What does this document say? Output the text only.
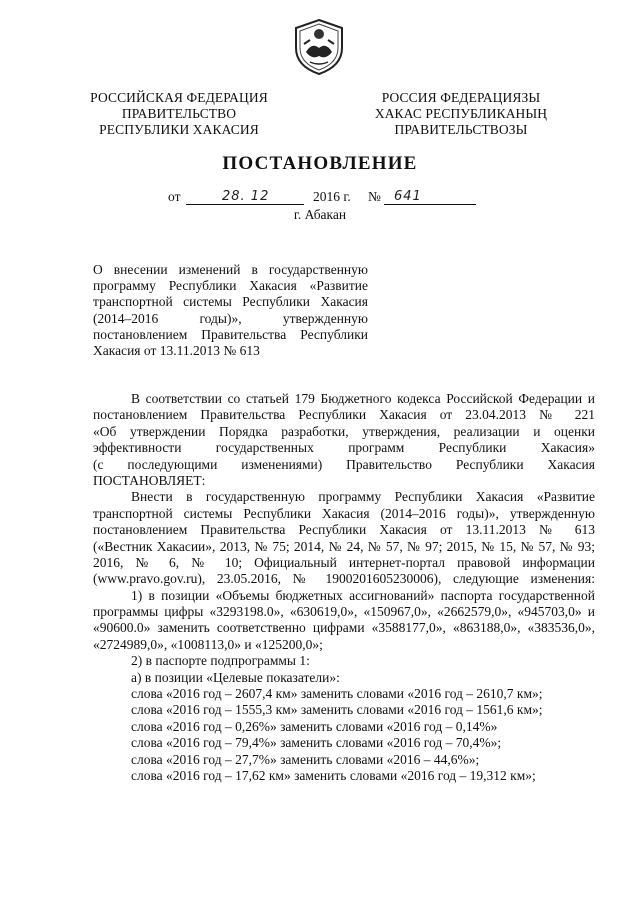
РОССИЙСКАЯ ФЕДЕРАЦИЯ
ПРАВИТЕЛЬСТВО
РЕСПУБЛИКИ ХАКАСИЯ
РОССИЯ ФЕДЕРАЦИЯЗЫ
ХАКАС РЕСПУБЛИКАНЫҢ
ПРАВИТЕЛЬСТВОЗЫ
ПОСТАНОВЛЕНИЕ
от	28. 12	2016 г. № 641
г. Абакан
О внесении изменений в государственную
программу Республики Хакасия «Развитие
транспортной системы Республики Хакасия
(2014–2016 годы)», утвержденную
постановлением Правительства Республики
Хакасия от 13.11.2013 № 613
В соответствии со статьей 179 Бюджетного кодекса Российской Федерации и
постановлением Правительства Республики Хакасия от 23.04.2013 № 221
«Об утверждении Порядка разработки, утверждения, реализации и оценки
эффективности государственных программ Республики Хакасия»
(с последующими изменениями) Правительство Республики Хакасия
ПОСТАНОВЛЯЕТ:
Внести в государственную программу Республики Хакасия «Развитие
транспортной системы Республики Хакасия (2014–2016 годы)», утвержденную
постановлением Правительства Республики Хакасия от 13.11.2013 № 613
(«Вестник Хакасии», 2013, № 75; 2014, № 24, № 57, № 97; 2015, № 15, № 57, № 93;
2016, № 6, № 10; Официальный интернет-портал правовой информации
(www.pravo.gov.ru), 23.05.2016, № 1900201605230006), следующие изменения:
1) в позиции «Объемы бюджетных ассигнований» паспорта государственной
программы цифры «3293198.0», «630619,0», «150967,0», «2662579,0», «945703,0» и
«90600.0» заменить соответственно цифрами «3588177,0», «863188,0», «383536,0»,
«2724989,0», «1008113,0» и «125200,0»;
2) в паспорте подпрограммы 1:
а) в позиции «Целевые показатели»:
слова «2016 год – 2607,4 км» заменить словами «2016 год – 2610,7 км»;
слова «2016 год – 1555,3 км» заменить словами «2016 год – 1561,6 км»;
слова «2016 год – 0,26%» заменить словами «2016 год – 0,14%»
слова «2016 год – 79,4%» заменить словами «2016 год – 70,4%»;
слова «2016 год – 27,7%» заменить словами «2016 – 44,6%»;
слова «2016 год – 17,62 км» заменить словами «2016 год – 19,312 км»;
